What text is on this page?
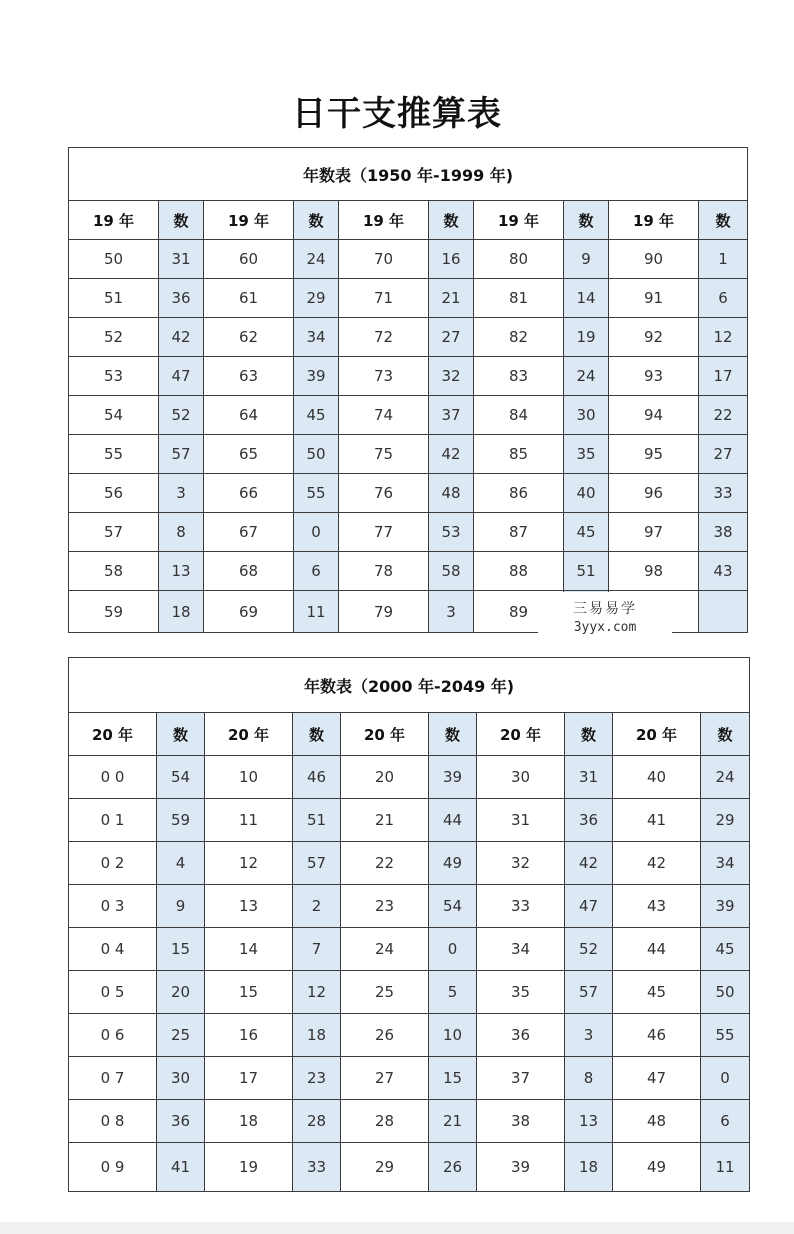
日干支推算表
年数表（1950 年-1999 年)									
19 年	数	19 年	数	19 年	数	19 年	数	19 年	数
50	31	60	24	70	16	80	9	90	1
51	36	61	29	71	21	81	14	91	6
52	42	62	34	72	27	82	19	92	12
53	47	63	39	73	32	83	24	93	17
54	52	64	45	74	37	84	30	94	22
55	57	65	50	75	42	85	35	95	27
56	3	66	55	76	48	86	40	96	33
57	8	67	0	77	53	87	45	97	38
58	13	68	6	78	58	88	51	98	43
59	18	69	11	79	3	89			
年数表（2000 年-2049 年)									
20 年	数	20 年	数	20 年	数	20 年	数	20 年	数
0 0	54	10	46	20	39	30	31	40	24
0 1	59	11	51	21	44	31	36	41	29
0 2	4	12	57	22	49	32	42	42	34
0 3	9	13	2	23	54	33	47	43	39
0 4	15	14	7	24	0	34	52	44	45
0 5	20	15	12	25	5	35	57	45	50
0 6	25	16	18	26	10	36	3	46	55
0 7	30	17	23	27	15	37	8	47	0
0 8	36	18	28	28	21	38	13	48	6
0 9	41	19	33	29	26	39	18	49	11
三易易学
3yyx.com
